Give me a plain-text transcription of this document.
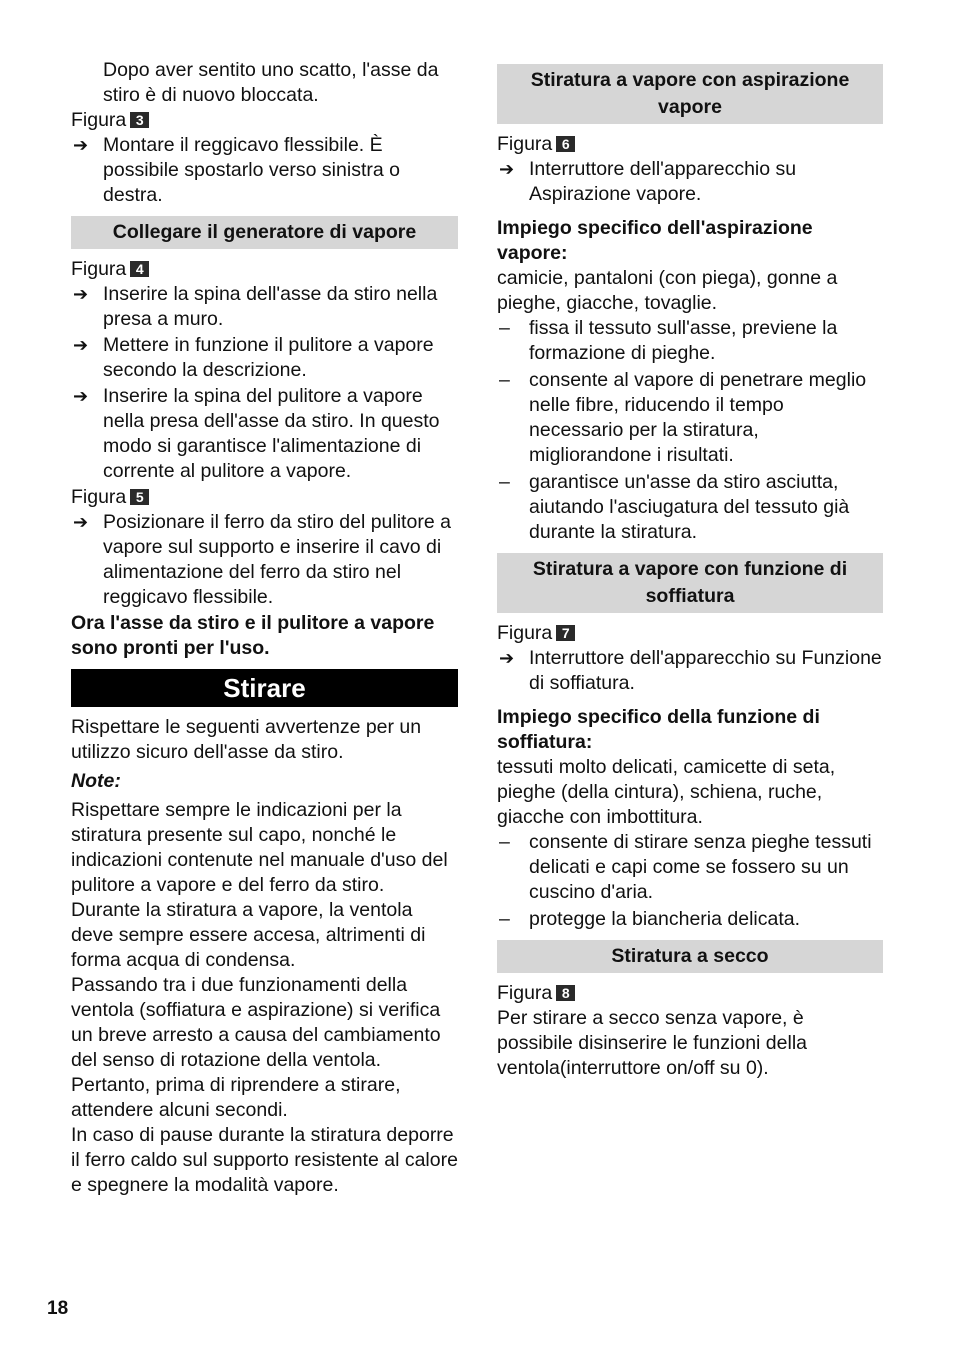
Dopo aver sentito uno scatto, l'asse da stiro è di nuovo bloccata.

Figura 3

➔ Montare il reggicavo flessibile. È possibile spostarlo verso sinistra o destra.
Collegare il generatore di vapore

Figura 4

➔ Inserire la spina dell'asse da stiro nella presa a muro.
➔ Mettere in funzione il pulitore a vapore secondo la descrizione.
➔ Inserire la spina del pulitore a vapore nella presa dell'asse da stiro. In questo modo si garantisce l'alimentazione di corrente al pulitore a vapore.

Figura 5

➔ Posizionare il ferro da stiro del pulitore a vapore sul supporto e inserire il cavo di alimentazione del ferro da stiro nel reggicavo flessibile.

Ora l'asse da stiro e il pulitore a vapore sono pronti per l'uso.

Stirare

Rispettare le seguenti avvertenze per un utilizzo sicuro dell'asse da stiro.

Note:

Rispettare sempre le indicazioni per la stiratura presente sul capo, nonché le indicazioni contenute nel manuale d'uso del pulitore a vapore e del ferro da stiro.

Durante la stiratura a vapore, la ventola deve sempre essere accesa, altrimenti di forma acqua di condensa.

Passando tra i due funzionamenti della ventola (soffiatura e aspirazione) si verifica un breve arresto a causa del cambiamento del senso di rotazione della ventola. Pertanto, prima di riprendere a stirare, attendere alcuni secondi.

In caso di pause durante la stiratura deporre il ferro caldo sul supporto resistente al calore e spegnere la modalità vapore.

Stiratura a vapore con aspirazione vapore

Figura 6

➔ Interruttore dell'apparecchio su Aspirazione vapore.

Impiego specifico dell'aspirazione vapore:

camicie, pantaloni (con piega), gonne a pieghe, giacche, tovaglie.

– fissa il tessuto sull'asse, previene la formazione di pieghe.
– consente al vapore di penetrare meglio nelle fibre, riducendo il tempo necessario per la stiratura, migliorandone i risultati.
– garantisce un'asse da stiro asciutta, aiutando l'asciugatura del tessuto già durante la stiratura.
Stiratura a vapore con funzione di soffiatura

Figura 7

➔ Interruttore dell'apparecchio su Funzione di soffiatura.

Impiego specifico della funzione di soffiatura:

tessuti molto delicati, camicette di seta, pieghe (della cintura), schiena, ruche, giacche con imbottitura.

– consente di stirare senza pieghe tessuti delicati e capi come se fossero su un cuscino d'aria.
– protegge la biancheria delicata.
Stiratura a secco

Figura 8

Per stirare a secco senza vapore, è possibile disinserire le funzioni della ventola(interruttore on/off su 0).

18
